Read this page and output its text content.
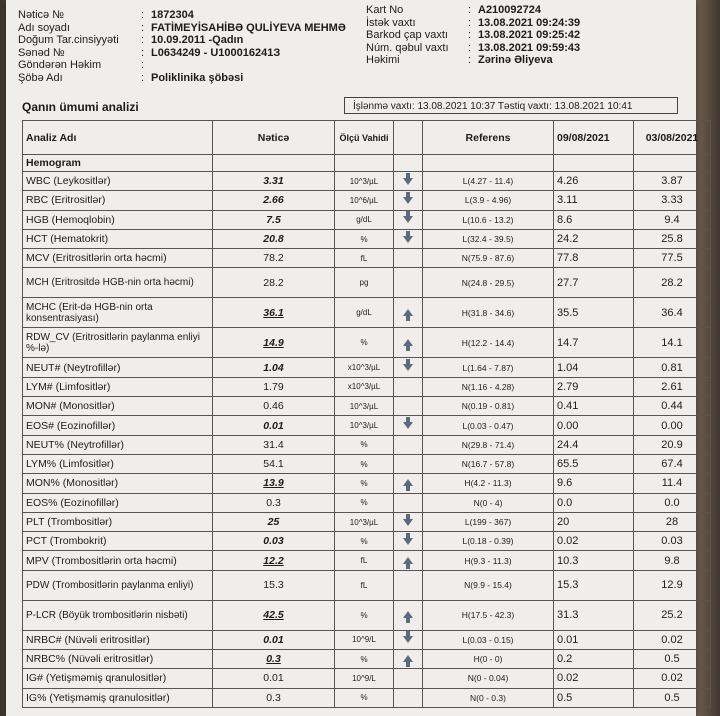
Nəticə №	: 1872304
Adı soyadı	: FATİMEYİSAHİBƏ QULİYEVA MEHMƏ
Doğum Tar.cinsiyyəti : 10.09.2011 -Qadın
Sənəd №	: L0634249 - U100016241З
Göndərən Həkim	:
Şöbə Adı	: Poliklinika şöbəsi
Kart No	: A210092724
İstək vaxtı	: 13.08.2021 09:24:39
Barkod çap vaxtı : 13.08.2021 09:25:42
Núm. qəbul vaxtı : 13.08.2021 09:59:43
Həkimi	: Zərinə Əliyeva
Qanın ümumi analizi	İşlənmə vaxtı: 13.08.2021 10:37 Təstiq vaxtı: 13.08.2021 10:41
Analiz Adı	Nəticə	Ölçü Vahidi		Referens	09/08/2021	03/08/2021
Hemogram						
WBC (Leykositlər)	3.31	10^3/µL		L(4.27 - 11.4)	4.26	3.87
RBC (Eritrositlər)	2.66	10^6/µL		L(3.9 - 4.96)	3.11	3.33
HGB (Hemoqlobin)	7.5	g/dL		L(10.6 - 13.2)	8.6	9.4
HCT (Hematokrit)	20.8	%		L(32.4 - 39.5)	24.2	25.8
MCV (Eritrositlərin orta həcmi)	78.2	fL		N(75.9 - 87.6)	77.8	77.5
MCH (Eritrositdə HGB-nin orta həcmi)	28.2	pg		N(24.8 - 29.5)	27.7	28.2
MCHC (Erit-də HGB-nin orta konsentrasiyası)	36.1	g/dL		H(31.8 - 34.6)	35.5	36.4
RDW_CV (Eritrositlərin paylanma enliyi %-lə)	14.9	%		H(12.2 - 14.4)	14.7	14.1
NEUT# (Neytrofillər)	1.04	x10^3/µL		L(1.64 - 7.87)	1.04	0.81
LYM# (Limfositlər)	1.79	x10^3/µL		N(1.16 - 4.28)	2.79	2.61
MON# (Monositlər)	0.46	10^3/µL		N(0.19 - 0.81)	0.41	0.44
EOS# (Eozinofillər)	0.01	10^3/µL		L(0.03 - 0.47)	0.00	0.00
NEUT% (Neytrofillər)	31.4	%		N(29.8 - 71.4)	24.4	20.9
LYM% (Limfositlər)	54.1	%		N(16.7 - 57.8)	65.5	67.4
MON% (Monositlər)	13.9	%		H(4.2 - 11.3)	9.6	11.4
EOS% (Eozinofillər)	0.3	%		N(0 - 4)	0.0	0.0
PLT (Trombositlər)	25	10^3/µL		L(199 - 367)	20	28
PCT (Trombokrit)	0.03	%		L(0.18 - 0.39)	0.02	0.03
MPV (Trombositlərin orta həcmi)	12.2	fL		H(9.3 - 11.3)	10.3	9.8
PDW (Trombositlərin paylanma enliyi)	15.3	fL		N(9.9 - 15.4)	15.3	12.9
P-LCR (Böyük trombositlərin nisbəti)	42.5	%		H(17.5 - 42.3)	31.3	25.2
NRBC# (Nüvəli eritrositlər)	0.01	10^9/L		L(0.03 - 0.15)	0.01	0.02
NRBC% (Nüvəli eritrositlər)	0.3	%		H(0 - 0)	0.2	0.5
IG# (Yetişməmiş qranulositlər)	0.01	10^9/L		N(0 - 0.04)	0.02	0.02
IG% (Yetişməmiş qranulositlər)	0.3	%		N(0 - 0.3)	0.5	0.5
